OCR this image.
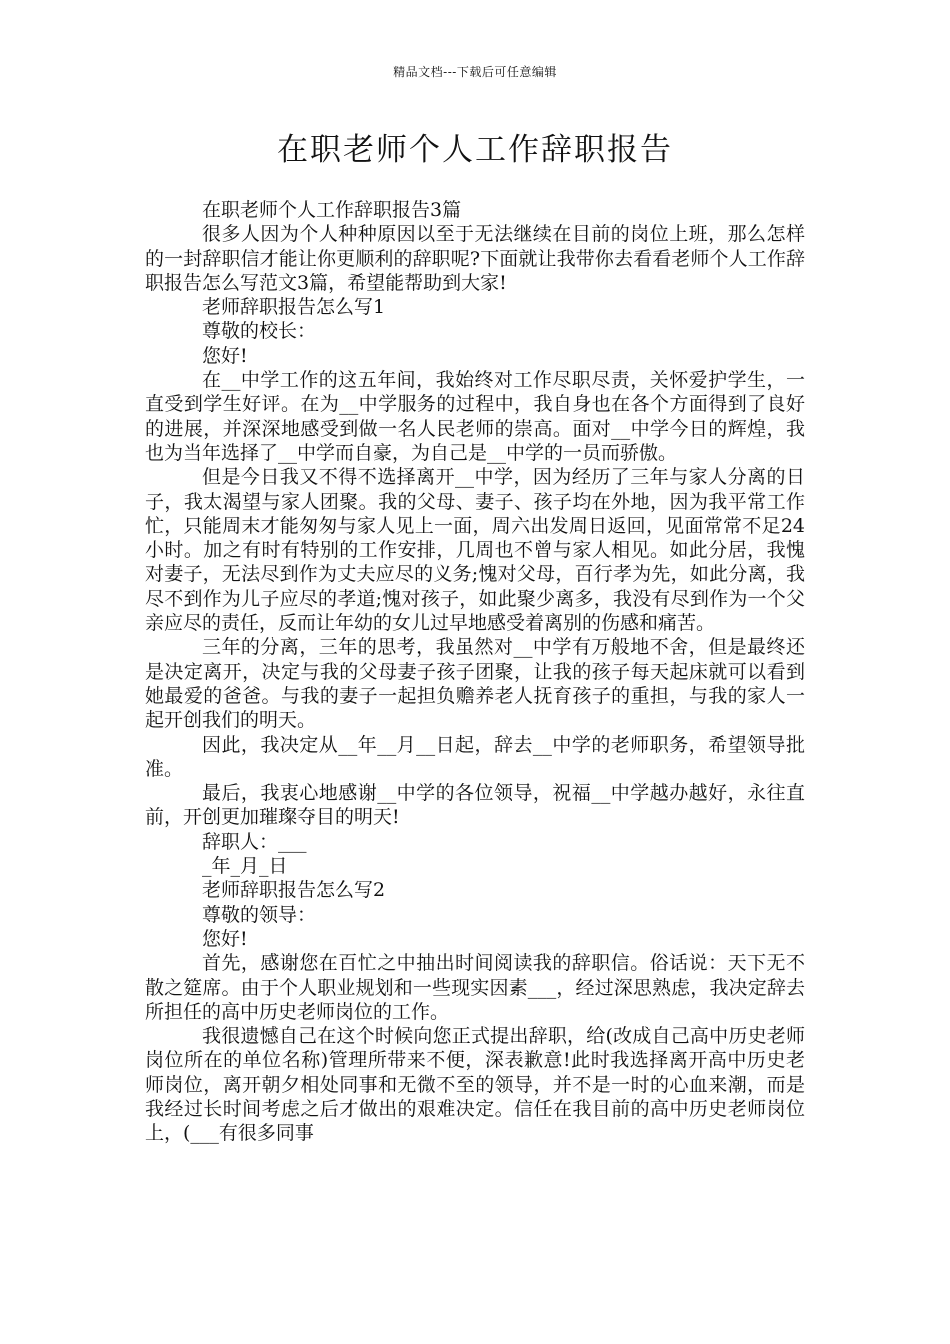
精品文档---下载后可任意编辑
在职老师个人工作辞职报告

在职老师个人工作辞职报告3篇

很多人因为个人种种原因以至于无法继续在目前的岗位上班，那么怎样的一封辞职信才能让你更顺利的辞职呢?下面就让我带你去看看老师个人工作辞职报告怎么写范文3篇，希望能帮助到大家!

老师辞职报告怎么写1

尊敬的校长：

您好!

在__中学工作的这五年间，我始终对工作尽职尽责，关怀爱护学生，一直受到学生好评。在为__中学服务的过程中，我自身也在各个方面得到了良好的进展，并深深地感受到做一名人民老师的崇高。面对__中学今日的辉煌，我也为当年选择了__中学而自豪，为自己是__中学的一员而骄傲。

但是今日我又不得不选择离开__中学，因为经历了三年与家人分离的日子，我太渴望与家人团聚。我的父母、妻子、孩子均在外地，因为我平常工作忙，只能周末才能匆匆与家人见上一面，周六出发周日返回，见面常常不足24小时。加之有时有特别的工作安排，几周也不曾与家人相见。如此分居，我愧对妻子，无法尽到作为丈夫应尽的义务;愧对父母，百行孝为先，如此分离，我尽不到作为儿子应尽的孝道;愧对孩子，如此聚少离多，我没有尽到作为一个父亲应尽的责任，反而让年幼的女儿过早地感受着离别的伤感和痛苦。

三年的分离，三年的思考，我虽然对__中学有万般地不舍，但是最终还是决定离开，决定与我的父母妻子孩子团聚，让我的孩子每天起床就可以看到她最爱的爸爸。与我的妻子一起担负赡养老人抚育孩子的重担，与我的家人一起开创我们的明天。

因此，我决定从__年__月__日起，辞去__中学的老师职务，希望领导批准。

最后，我衷心地感谢__中学的各位领导，祝福__中学越办越好，永往直前，开创更加璀璨夺目的明天!

辞职人：___

_年_月_日

老师辞职报告怎么写2

尊敬的领导：

您好!

首先，感谢您在百忙之中抽出时间阅读我的辞职信。俗话说：天下无不散之筵席。由于个人职业规划和一些现实因素___，经过深思熟虑，我决定辞去所担任的高中历史老师岗位的工作。

我很遗憾自己在这个时候向您正式提出辞职，给(改成自己高中历史老师岗位所在的单位名称)管理所带来不便，深表歉意!此时我选择离开高中历史老师岗位，离开朝夕相处同事和无微不至的领导，并不是一时的心血来潮，而是我经过长时间考虑之后才做出的艰难决定。信任在我目前的高中历史老师岗位上，(___有很多同事
